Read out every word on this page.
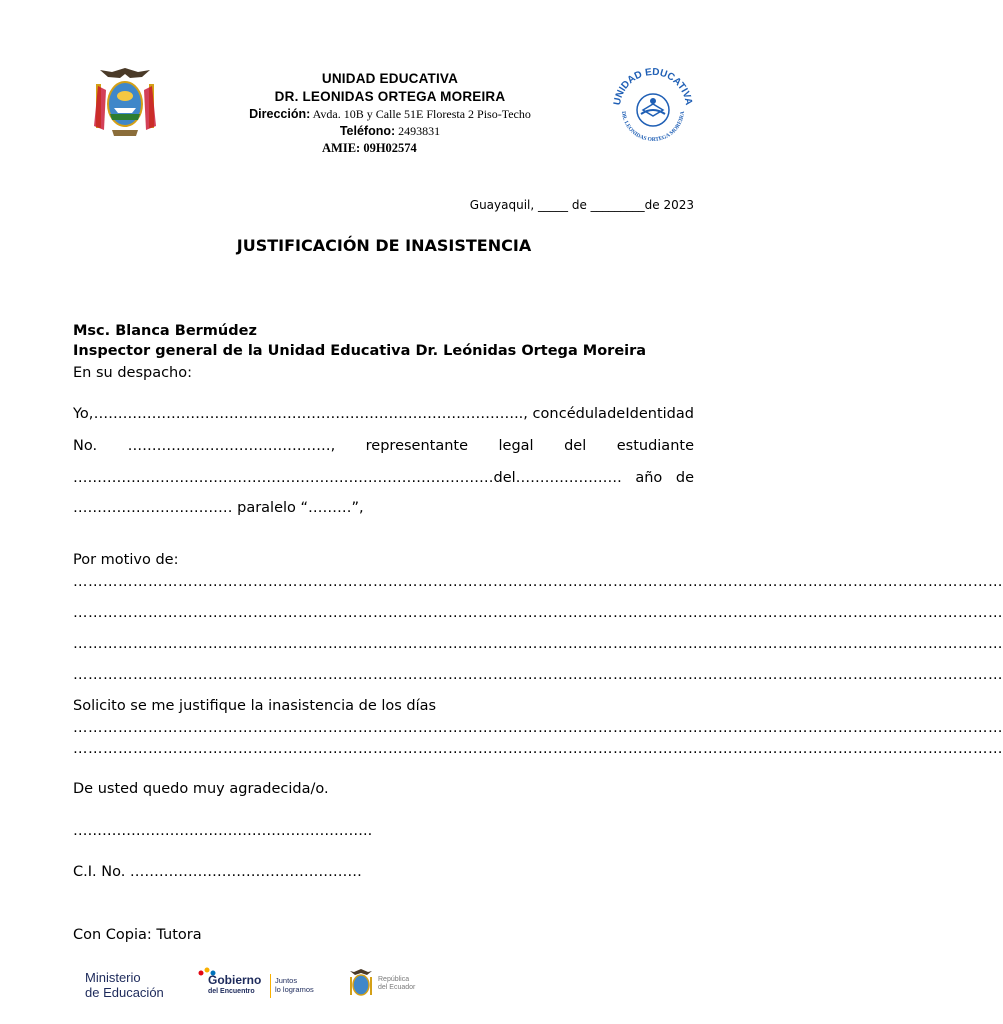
UNIDAD EDUCATIVA
DR. LEONIDAS ORTEGA MOREIRA
Dirección: Avda. 10B y Calle 51E Floresta 2 Piso-Techo
Teléfono: 2493831
AMIE: 09H02574
UNIDAD EDUCATIVA
DR. LEONIDAS ORTEGA MOREIRA
Guayaquil, _____ de _________de 2023
JUSTIFICACIÓN DE INASISTENCIA
Msc. Blanca Bermúdez
Inspector general de la Unidad Educativa Dr. Leónidas Ortega Moreira
En su despacho:
Yo, …………………………………………………………………………….., con cédula de Identidad
No. ……………………………………, representante legal del estudiante
……………………………………………………………………………del…………………. año de
…………………………… paralelo “………”,
Por motivo de:
……………………………………………………………………………………………………………………………………………………………………
……………………………………………………………………………………………………………………………………………………………………
……………………………………………………………………………………………………………………………………………………………………
……………………………………………………………………………………………………………………………………………………………………
Solicito se me justifique la inasistencia de los días
……………………………………………………………………………………………………………………………………………………………………
……………………………………………………………………………………………………………………………………………………………………
De usted quedo muy agradecida/o.
……………………………………………………..
C.I. No. …………………………………………
Con Copia: Tutora
Ministerio
de Educación
Gobierno
del Encuentro
Juntos
lo logramos
República
del Ecuador
